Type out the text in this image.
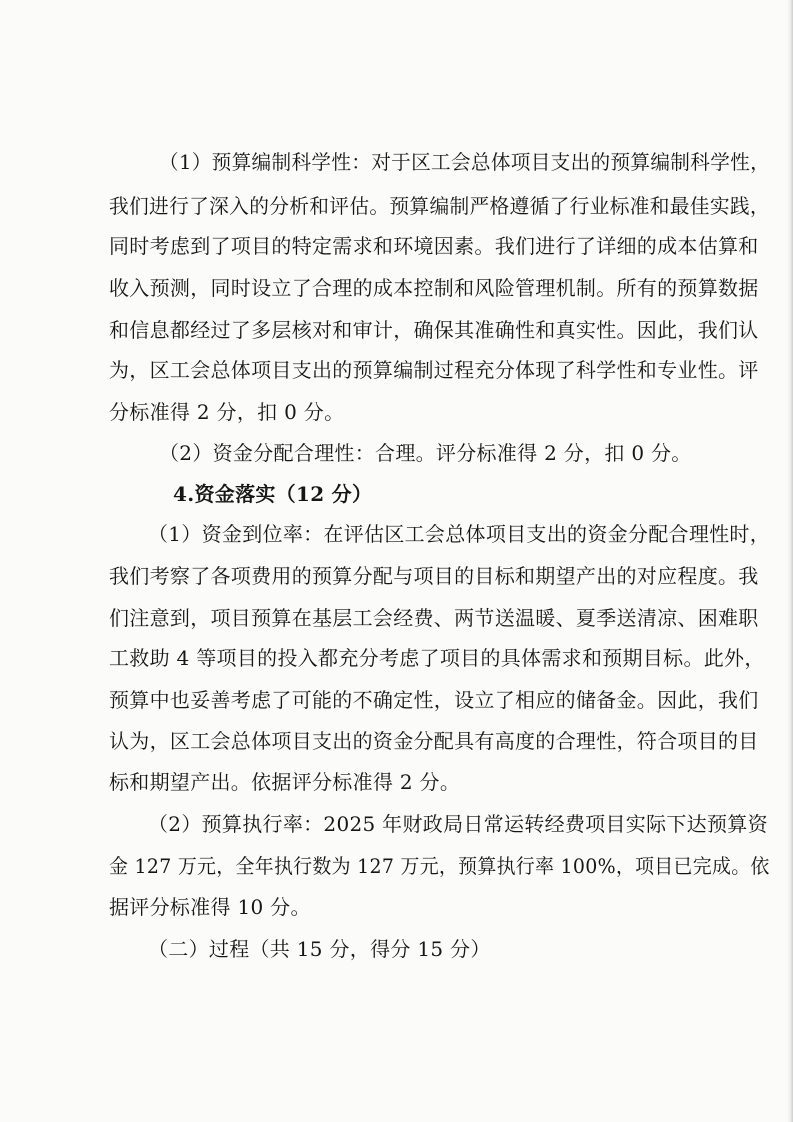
（1）预算编制科学性：对于区工会总体项目支出的预算编制科学性，
我们进行了深入的分析和评估。预算编制严格遵循了行业标准和最佳实践，
同时考虑到了项目的特定需求和环境因素。我们进行了详细的成本估算和
收入预测，同时设立了合理的成本控制和风险管理机制。所有的预算数据
和信息都经过了多层核对和审计，确保其准确性和真实性。因此，我们认
为，区工会总体项目支出的预算编制过程充分体现了科学性和专业性。评
分标准得 2 分，扣 0 分。
（2）资金分配合理性：合理。评分标准得 2 分，扣 0 分。
4.资金落实（12 分）
（1）资金到位率：在评估区工会总体项目支出的资金分配合理性时，
我们考察了各项费用的预算分配与项目的目标和期望产出的对应程度。我
们注意到，项目预算在基层工会经费、两节送温暖、夏季送清凉、困难职
工救助 4 等项目的投入都充分考虑了项目的具体需求和预期目标。此外，
预算中也妥善考虑了可能的不确定性，设立了相应的储备金。因此，我们
认为，区工会总体项目支出的资金分配具有高度的合理性，符合项目的目
标和期望产出。依据评分标准得 2 分。
（2）预算执行率：2025 年财政局日常运转经费项目实际下达预算资
金 127 万元，全年执行数为 127 万元，预算执行率 100%，项目已完成。依
据评分标准得 10 分。
（二）过程（共 15 分，得分 15 分）
